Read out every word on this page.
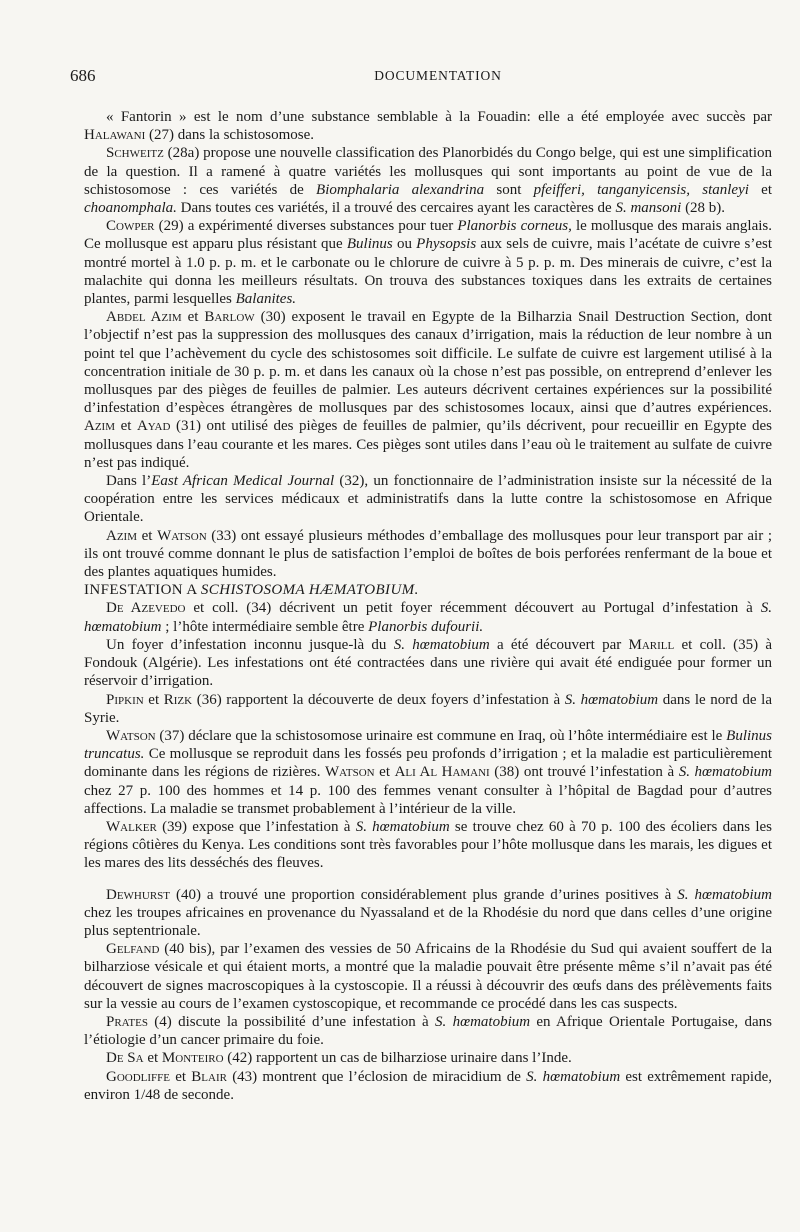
686	DOCUMENTATION

« Fantorin » est le nom d’une substance semblable à la Fouadin: elle a été employée avec succès par Halawani (27) dans la schistosomose.

Schweitz (28a) propose une nouvelle classification des Planorbidés du Congo belge, qui est une simplification de la question. Il a ramené à quatre variétés les mollusques qui sont importants au point de vue de la schistosomose : ces variétés de Biomphalaria alexandrina sont pfeifferi, tanganyicensis, stanleyi et choanomphala. Dans toutes ces variétés, il a trouvé des cercaires ayant les caractères de S. mansoni (28 b).

Cowper (29) a expérimenté diverses substances pour tuer Planorbis corneus, le mollusque des marais anglais. Ce mollusque est apparu plus résistant que Bulinus ou Physopsis aux sels de cuivre, mais l’acétate de cuivre s’est montré mortel à 1.0 p. p. m. et le carbonate ou le chlorure de cuivre à 5 p. p. m. Des minerais de cuivre, c’est la malachite qui donna les meilleurs résultats. On trouva des substances toxiques dans les extraits de certaines plantes, parmi lesquelles Balanites.

Abdel Azim et Barlow (30) exposent le travail en Egypte de la Bilharzia Snail Destruction Section, dont l’objectif n’est pas la suppression des mollusques des canaux d’irrigation, mais la réduction de leur nombre à un point tel que l’achèvement du cycle des schistosomes soit difficile. Le sulfate de cuivre est largement utilisé à la concentration initiale de 30 p. p. m. et dans les canaux où la chose n’est pas possible, on entreprend d’enlever les mollusques par des pièges de feuilles de palmier. Les auteurs décrivent certaines expériences sur la possibilité d’infestation d’espèces étrangères de mollusques par des schistosomes locaux, ainsi que d’autres expériences. Azim et Ayad (31) ont utilisé des pièges de feuilles de palmier, qu’ils décrivent, pour recueillir en Egypte des mollusques dans l’eau courante et les mares. Ces pièges sont utiles dans l’eau où le traitement au sulfate de cuivre n’est pas indiqué.

Dans l’East African Medical Journal (32), un fonctionnaire de l’administration insiste sur la nécessité de la coopération entre les services médicaux et administratifs dans la lutte contre la schistosomose en Afrique Orientale.

Azim et Watson (33) ont essayé plusieurs méthodes d’emballage des mollusques pour leur transport par air ; ils ont trouvé comme donnant le plus de satisfaction l’emploi de boîtes de bois perforées renfermant de la boue et des plantes aquatiques humides.

INFESTATION A SCHISTOSOMA HÆMATOBIUM.

De Azevedo et coll. (34) décrivent un petit foyer récemment découvert au Portugal d’infestation à S. hœmatobium ; l’hôte intermédiaire semble être Planorbis dufourii.

Un foyer d’infestation inconnu jusque-là du S. hœmatobium a été découvert par Marill et coll. (35) à Fondouk (Algérie). Les infestations ont été contractées dans une rivière qui avait été endiguée pour former un réservoir d’irrigation.

Pipkin et Rizk (36) rapportent la découverte de deux foyers d’infestation à S. hœmatobium dans le nord de la Syrie.

Watson (37) déclare que la schistosomose urinaire est commune en Iraq, où l’hôte intermédiaire est le Bulinus truncatus. Ce mollusque se reproduit dans les fossés peu profonds d’irrigation ; et la maladie est particulièrement dominante dans les régions de rizières. Watson et Ali Al Hamani (38) ont trouvé l’infestation à S. hœmatobium chez 27 p. 100 des hommes et 14 p. 100 des femmes venant consulter à l’hôpital de Bagdad pour d’autres affections. La maladie se transmet probablement à l’intérieur de la ville.

Walker (39) expose que l’infestation à S. hœmatobium se trouve chez 60 à 70 p. 100 des écoliers dans les régions côtières du Kenya. Les conditions sont très favorables pour l’hôte mollusque dans les marais, les digues et les mares des lits desséchés des fleuves.

Dewhurst (40) a trouvé une proportion considérablement plus grande d’urines positives à S. hœmatobium chez les troupes africaines en provenance du Nyassaland et de la Rhodésie du nord que dans celles d’une origine plus septentrionale.

Gelfand (40 bis), par l’examen des vessies de 50 Africains de la Rhodésie du Sud qui avaient souffert de la bilharziose vésicale et qui étaient morts, a montré que la maladie pouvait être présente même s’il n’avait pas été découvert de signes macroscopiques à la cystoscopie. Il a réussi à découvrir des œufs dans des prélèvements faits sur la vessie au cours de l’examen cystoscopique, et recommande ce procédé dans les cas suspects.

Prates (4) discute la possibilité d’une infestation à S. hœmatobium en Afrique Orientale Portugaise, dans l’étiologie d’un cancer primaire du foie.

De Sa et Monteiro (42) rapportent un cas de bilharziose urinaire dans l’Inde.

Goodliffe et Blair (43) montrent que l’éclosion de miracidium de S. hœmatobium est extrêmement rapide, environ 1/48 de seconde.
